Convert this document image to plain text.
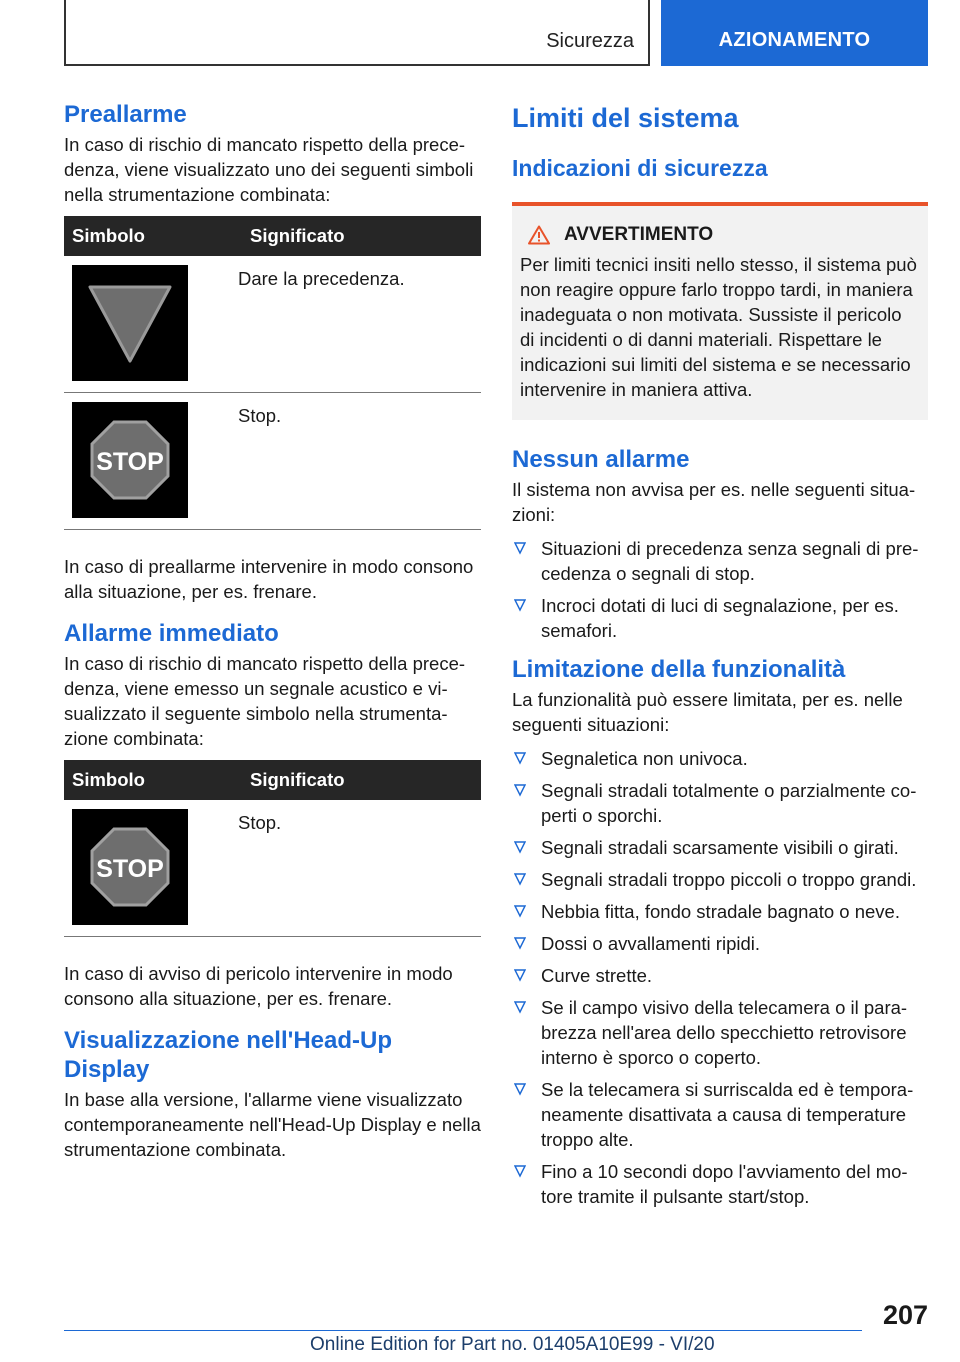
Sicurezza	AZIONAMENTO
Preallarme

In caso di rischio di mancato rispetto della precedenza, viene visualizzato uno dei seguenti simboli nella strumentazione combinata:

Simbolo	Significato

	Dare la precedenza.

STOP	Stop.

In caso di preallarme intervenire in modo consono alla situazione, per es. frenare.

Allarme immediato

In caso di rischio di mancato rispetto della precedenza, viene emesso un segnale acustico e visualizzato il seguente simbolo nella strumentazione combinata:

Simbolo	Significato

STOP	Stop.

In caso di avviso di pericolo intervenire in modo consono alla situazione, per es. frenare.

Visualizzazione nell'Head-Up Display

In base alla versione, l'allarme viene visualizzato contemporaneamente nell'Head-Up Display e nella strumentazione combinata.

Limiti del sistema
Indicazioni di sicurezza
AVVERTIMENTO

Per limiti tecnici insiti nello stesso, il sistema può non reagire oppure farlo troppo tardi, in maniera inadeguata o non motivata. Sussiste il pericolo di incidenti o di danni materiali. Rispettare le indicazioni sui limiti del sistema e se necessario intervenire in maniera attiva.

Nessun allarme

Il sistema non avvisa per es. nelle seguenti situazioni:

Situazioni di precedenza senza segnali di precedenza o segnali di stop.
Incroci dotati di luci di segnalazione, per es. semafori.
Limitazione della funzionalità

La funzionalità può essere limitata, per es. nelle seguenti situazioni:

Segnaletica non univoca.
Segnali stradali totalmente o parzialmente coperti o sporchi.
Segnali stradali scarsamente visibili o girati.
Segnali stradali troppo piccoli o troppo grandi.
Nebbia fitta, fondo stradale bagnato o neve.
Dossi o avvallamenti ripidi.
Curve strette.
Se il campo visivo della telecamera o il parabrezza nell'area dello specchietto retrovisore interno è sporco o coperto.
Se la telecamera si surriscalda ed è temporaneamente disattivata a causa di temperature troppo alte.
Fino a 10 secondi dopo l'avviamento del motore tramite il pulsante start/stop.
207
Online Edition for Part no. 01405A10E99 - VI/20
